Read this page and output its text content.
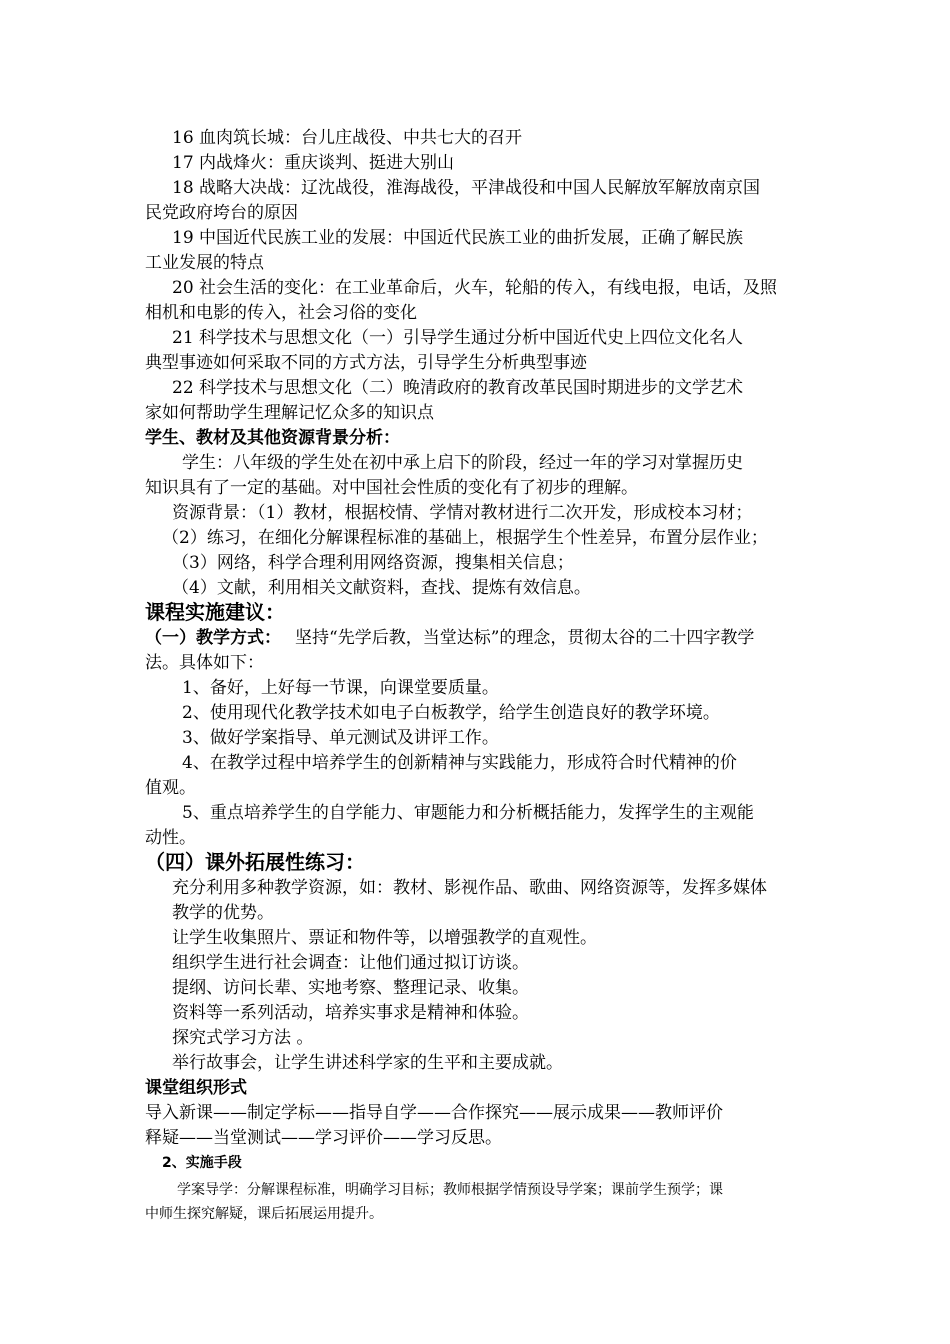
16 血肉筑长城：台儿庄战役、中共七大的召开
17 内战烽火：重庆谈判、挺进大别山
18 战略大决战：辽沈战役，淮海战役，平津战役和中国人民解放军解放南京国
民党政府垮台的原因
19 中国近代民族工业的发展：中国近代民族工业的曲折发展，正确了解民族
工业发展的特点
20 社会生活的变化：在工业革命后，火车，轮船的传入，有线电报，电话，及照
相机和电影的传入，社会习俗的变化
21 科学技术与思想文化（一）引导学生通过分析中国近代史上四位文化名人
典型事迹如何采取不同的方式方法，引导学生分析典型事迹
22 科学技术与思想文化（二）晚清政府的教育改革民国时期进步的文学艺术
家如何帮助学生理解记忆众多的知识点
学生、教材及其他资源背景分析：
学生：八年级的学生处在初中承上启下的阶段，经过一年的学习对掌握历史
知识具有了一定的基础。对中国社会性质的变化有了初步的理解。
资源背景：（1）教材，根据校情、学情对教材进行二次开发，形成校本习材；
（2）练习，在细化分解课程标准的基础上，根据学生个性差异，布置分层作业；
（3）网络，科学合理利用网络资源，搜集相关信息；
（4）文献，利用相关文献资料，查找、提炼有效信息。
课程实施建议：
（一）教学方式： 坚持“先学后教，当堂达标”的理念，贯彻太谷的二十四字教学
法。具体如下：
1、备好，上好每一节课，向课堂要质量。
2、使用现代化教学技术如电子白板教学，给学生创造良好的教学环境。
3、做好学案指导、单元测试及讲评工作。
4、在教学过程中培养学生的创新精神与实践能力，形成符合时代精神的价
值观。
5、重点培养学生的自学能力、审题能力和分析概括能力，发挥学生的主观能
动性。
（四）课外拓展性练习：
充分利用多种教学资源，如：教材、影视作品、歌曲、网络资源等，发挥多媒体
教学的优势。
让学生收集照片、票证和物件等，以增强教学的直观性。
组织学生进行社会调查：让他们通过拟订访谈。
提纲、访问长辈、实地考察、整理记录、收集。
资料等一系列活动，培养实事求是精神和体验。
探究式学习方法 。
举行故事会，让学生讲述科学家的生平和主要成就。
课堂组织形式
导入新课——制定学标——指导自学——合作探究——展示成果——教师评价
释疑——当堂测试——学习评价——学习反思。
2、实施手段
学案导学：分解课程标准，明确学习目标；教师根据学情预设导学案；课前学生预学；课
中师生探究解疑，课后拓展运用提升。
